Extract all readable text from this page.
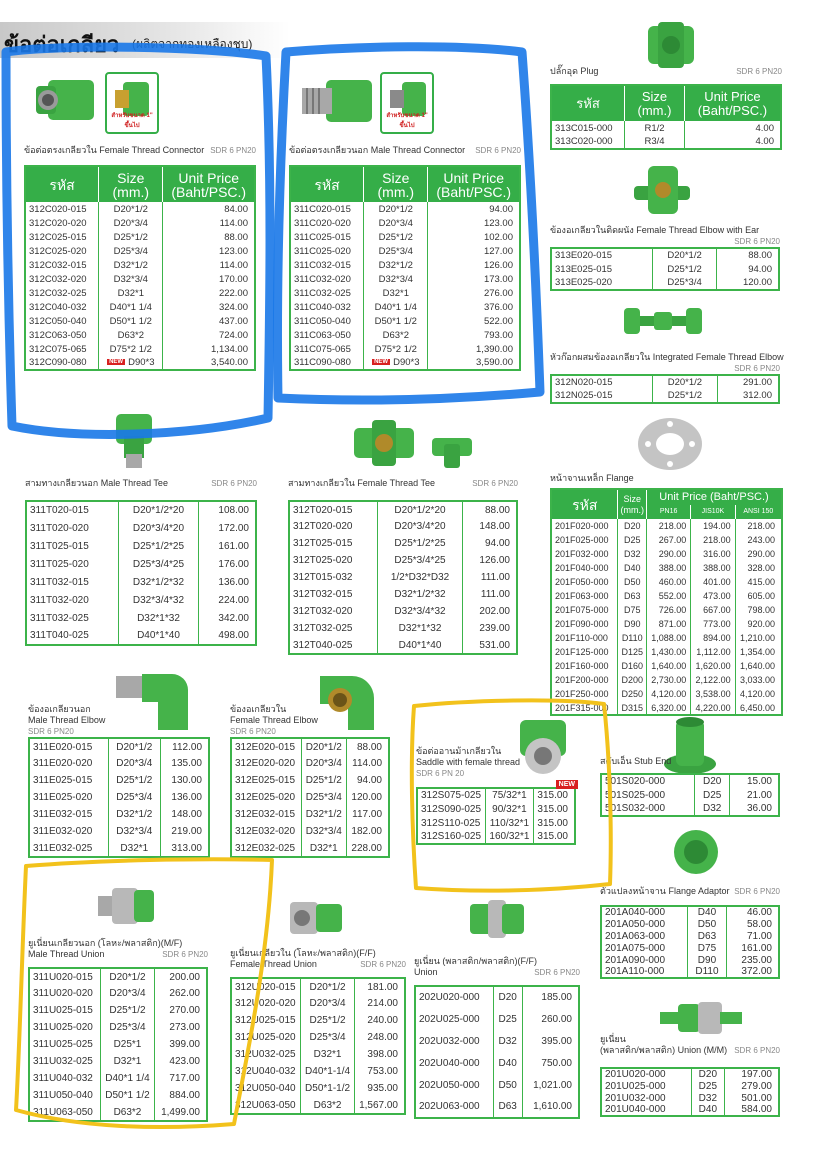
ข้อต่อเกลียว (ผลิตจากทองเหลืองชุบ)
สำหรับขนาด 1" ขึ้นไป
ข้อต่อตรงเกลียวใน Female Thread Connector SDR 6 PN20
รหัส	Size (mm.)	Unit Price (Baht/PSC.)
312C020-015	D20*1/2	84.00
312C020-020	D20*3/4	114.00
312C025-015	D25*1/2	88.00
312C025-020	D25*3/4	123.00
312C032-015	D32*1/2	114.00
312C032-020	D32*3/4	170.00
312C032-025	D32*1	222.00
312C040-032	D40*1 1/4	324.00
312C050-040	D50*1 1/2	437.00
312C063-050	D63*2	724.00
312C075-065	D75*2 1/2	1,134.00
312C090-080	NEW D90*3	3,540.00
สำหรับขนาด 1" ขึ้นไป
ข้อต่อตรงเกลียวนอก Male Thread Connector SDR 6 PN20
รหัส	Size (mm.)	Unit Price (Baht/PSC.)
311C020-015	D20*1/2	94.00
311C020-020	D20*3/4	123.00
311C025-015	D25*1/2	102.00
311C025-020	D25*3/4	127.00
311C032-015	D32*1/2	126.00
311C032-020	D32*3/4	173.00
311C032-025	D32*1	276.00
311C040-032	D40*1 1/4	376.00
311C050-040	D50*1 1/2	522.00
311C063-050	D63*2	793.00
311C075-065	D75*2 1/2	1,390.00
311C090-080	NEW D90*3	3,590.00
ปลั๊กอุด Plug	SDR 6 PN20
รหัส	Size (mm.)	Unit Price (Baht/PSC.)
313C015-000	R1/2	4.00
313C020-000	R3/4	4.00
ข้องอเกลียวในติดผนัง Female Thread Elbow with Ear
SDR 6 PN20
313E020-015	D20*1/2	88.00
313E025-015	D25*1/2	94.00
313E025-020	D25*3/4	120.00
หัวก๊อกผสมข้องอเกลียวใน Integrated Female Thread Elbow
SDR 6 PN20
312N020-015	D20*1/2	291.00
312N025-015	D25*1/2	312.00
หน้าจานเหล็ก Flange
รหัส	Size (mm.)	Unit Price (Baht/PSC.)		
		PN16	JIS10K	ANSI 150
201F020-000	D20	218.00	194.00	218.00
201F025-000	D25	267.00	218.00	243.00
201F032-000	D32	290.00	316.00	290.00
201F040-000	D40	388.00	388.00	328.00
201F050-000	D50	460.00	401.00	415.00
201F063-000	D63	552.00	473.00	605.00
201F075-000	D75	726.00	667.00	798.00
201F090-000	D90	871.00	773.00	920.00
201F110-000	D110	1,088.00	894.00	1,210.00
201F125-000	D125	1,430.00	1,112.00	1,354.00
201F160-000	D160	1,640.00	1,620.00	1,640.00
201F200-000	D200	2,730.00	2,122.00	3,033.00
201F250-000	D250	4,120.00	3,538.00	4,120.00
201F315-000	D315	6,320.00	4,220.00	6,450.00
สามทางเกลียวนอก Male Thread Tee	SDR 6 PN20
311T020-015	D20*1/2*20	108.00
311T020-020	D20*3/4*20	172.00
311T025-015	D25*1/2*25	161.00
311T025-020	D25*3/4*25	176.00
311T032-015	D32*1/2*32	136.00
311T032-020	D32*3/4*32	224.00
311T032-025	D32*1*32	342.00
311T040-025	D40*1*40	498.00
สามทางเกลียวใน Female Thread Tee	SDR 6 PN20
312T020-015	D20*1/2*20	88.00
312T020-020	D20*3/4*20	148.00
312T025-015	D25*1/2*25	94.00
312T025-020	D25*3/4*25	126.00
312T015-032	1/2*D32*D32	111.00
312T032-015	D32*1/2*32	111.00
312T032-020	D32*3/4*32	202.00
312T032-025	D32*1*32	239.00
312T040-025	D40*1*40	531.00
ข้องอเกลียวนอก
Male Thread Elbow
SDR 6 PN20
311E020-015	D20*1/2	112.00
311E020-020	D20*3/4	135.00
311E025-015	D25*1/2	130.00
311E025-020	D25*3/4	136.00
311E032-015	D32*1/2	148.00
311E032-020	D32*3/4	219.00
311E032-025	D32*1	313.00
ข้องอเกลียวใน
Female Thread Elbow
SDR 6 PN20
312E020-015	D20*1/2	88.00
312E020-020	D20*3/4	114.00
312E025-015	D25*1/2	94.00
312E025-020	D25*3/4	120.00
312E032-015	D32*1/2	117.00
312E032-020	D32*3/4	182.00
312E032-025	D32*1	228.00
ข้อต่ออานม้าเกลียวใน
Saddle with female thread
SDR 6 PN 20
NEW
312S075-025	75/32*1	315.00
312S090-025	90/32*1	315.00
312S110-025	110/32*1	315.00
312S160-025	160/32*1	315.00
สตับเอ็น Stub End
501S020-000	D20	15.00
501S025-000	D25	21.00
501S032-000	D32	36.00
ตัวแปลงหน้าจาน Flange Adaptor SDR 6 PN20
201A040-000	D40	46.00
201A050-000	D50	58.00
201A063-000	D63	71.00
201A075-000	D75	161.00
201A090-000	D90	235.00
201A110-000	D110	372.00
ยูเนี่ยนเกลียวนอก (โลหะ/พลาสติก)(M/F)
Male Thread Union	SDR 6 PN20
311U020-015	D20*1/2	200.00
311U020-020	D20*3/4	262.00
311U025-015	D25*1/2	270.00
311U025-020	D25*3/4	273.00
311U025-025	D25*1	399.00
311U032-025	D32*1	423.00
311U040-032	D40*1 1/4	717.00
311U050-040	D50*1 1/2	884.00
311U063-050	D63*2	1,499.00
ยูเนี่ยนเกลียวใน (โลหะ/พลาสติก)(F/F)
Female Thread Union	SDR 6 PN20
312U020-015	D20*1/2	181.00
312U020-020	D20*3/4	214.00
312U025-015	D25*1/2	240.00
312U025-020	D25*3/4	248.00
312U032-025	D32*1	398.00
312U040-032	D40*1-1/4	753.00
312U050-040	D50*1-1/2	935.00
312U063-050	D63*2	1,567.00
ยูเนี่ยน (พลาสติก/พลาสติก)(F/F)
Union	SDR 6 PN20
202U020-000	D20	185.00
202U025-000	D25	260.00
202U032-000	D32	395.00
202U040-000	D40	750.00
202U050-000	D50	1,021.00
202U063-000	D63	1,610.00
ยูเนี่ยน
(พลาสติก/พลาสติก) Union (M/M) SDR 6 PN20
201U020-000	D20	197.00
201U025-000	D25	279.00
201U032-000	D32	501.00
201U040-000	D40	584.00
